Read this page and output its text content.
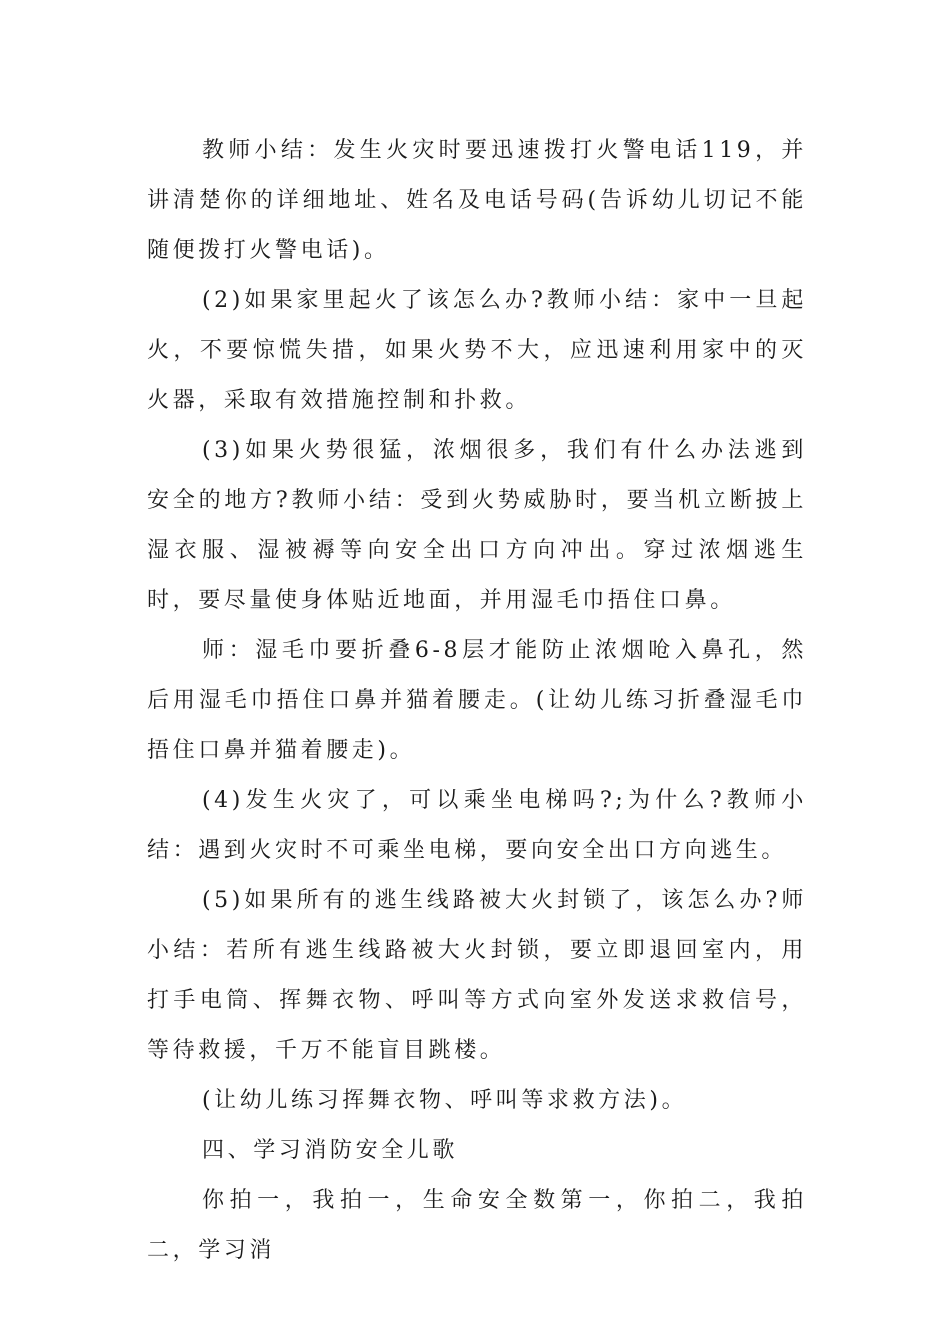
教师小结：发生火灾时要迅速拨打火警电话119，并讲清楚你的详细地址、姓名及电话号码(告诉幼儿切记不能随便拨打火警电话)。

(2)如果家里起火了该怎么办?教师小结：家中一旦起火，不要惊慌失措，如果火势不大，应迅速利用家中的灭火器，采取有效措施控制和扑救。

(3)如果火势很猛，浓烟很多，我们有什么办法逃到安全的地方?教师小结：受到火势威胁时，要当机立断披上湿衣服、湿被褥等向安全出口方向冲出。穿过浓烟逃生时，要尽量使身体贴近地面，并用湿毛巾捂住口鼻。

师：湿毛巾要折叠6-8层才能防止浓烟呛入鼻孔，然后用湿毛巾捂住口鼻并猫着腰走。(让幼儿练习折叠湿毛巾捂住口鼻并猫着腰走)。

(4)发生火灾了，可以乘坐电梯吗?;为什么?教师小结：遇到火灾时不可乘坐电梯，要向安全出口方向逃生。

(5)如果所有的逃生线路被大火封锁了，该怎么办?师小结：若所有逃生线路被大火封锁，要立即退回室内，用打手电筒、挥舞衣物、呼叫等方式向室外发送求救信号，等待救援，千万不能盲目跳楼。

(让幼儿练习挥舞衣物、呼叫等求救方法)。

四、学习消防安全儿歌

你拍一，我拍一，生命安全数第一，你拍二，我拍二，学习消
